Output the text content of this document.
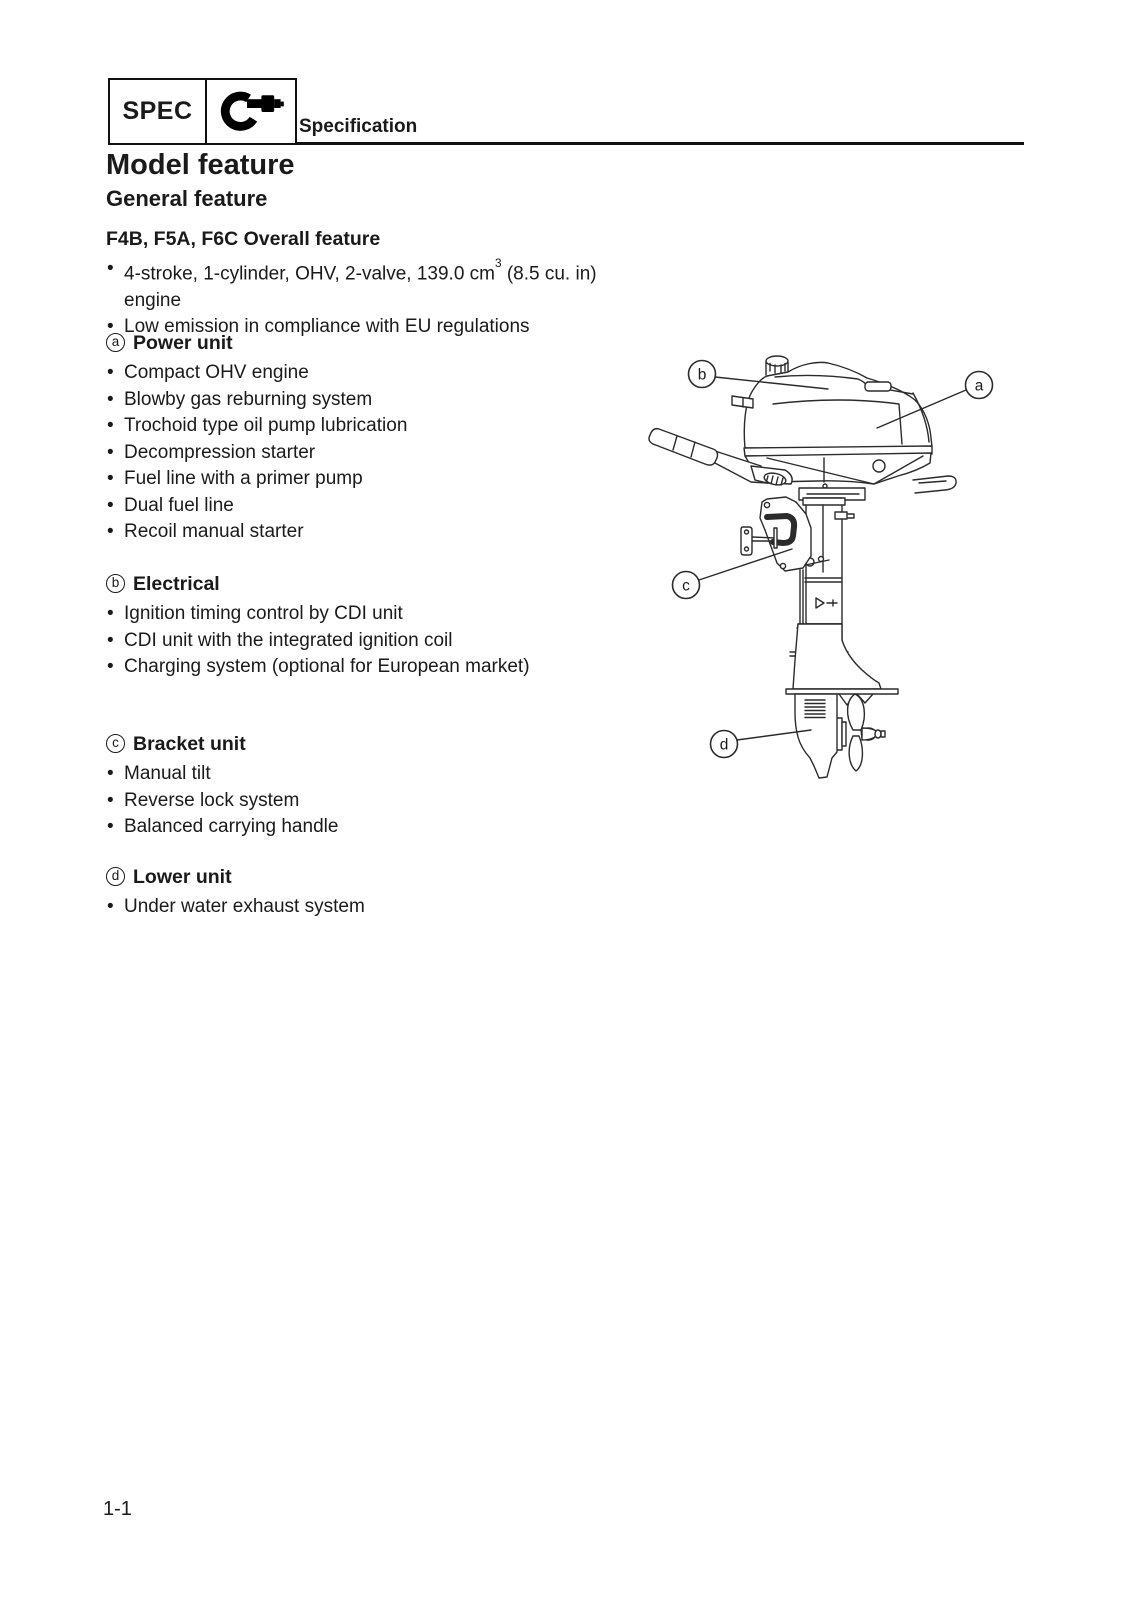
SPEC
Specification
Model feature
General feature
F4B, F5A, F6C Overall feature
• 4-stroke, 1-cylinder, OHV, 2-valve, 139.0 $cm^3$ (8.5 cu. in) engine
• Low emission in compliance with EU regulations
a Power unit
• Compact OHV engine
• Blowby gas reburning system
• Trochoid type oil pump lubrication
• Decompression starter
• Fuel line with a primer pump
• Dual fuel line
• Recoil manual starter
b Electrical
• Ignition timing control by CDI unit
• CDI unit with the integrated ignition coil
• Charging system (optional for European market)
c Bracket unit
• Manual tilt
• Reverse lock system
• Balanced carrying handle
d Lower unit
• Under water exhaust system
b
a
c
d
1-1
